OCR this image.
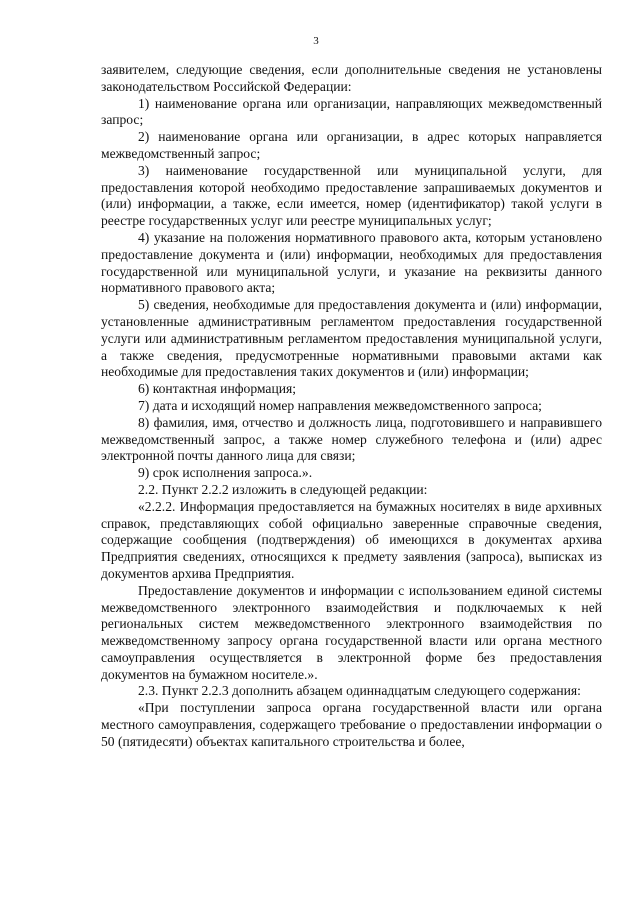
3

заявителем, следующие сведения, если дополнительные сведения не установлены законодательством Российской Федерации:

1) наименование органа или организации, направляющих межведомственный запрос;

2) наименование органа или организации, в адрес которых направляется межведомственный запрос;

3) наименование государственной или муниципальной услуги, для предоставления которой необходимо предоставление запрашиваемых документов и (или) информации, а также, если имеется, номер (идентификатор) такой услуги в реестре государственных услуг или реестре муниципальных услуг;

4) указание на положения нормативного правового акта, которым установлено предоставление документа и (или) информации, необходимых для предоставления государственной или муниципальной услуги, и указание на реквизиты данного нормативного правового акта;

5) сведения, необходимые для предоставления документа и (или) информации, установленные административным регламентом предоставления государственной услуги или административным регламентом предоставления муниципальной услуги, а также сведения, предусмотренные нормативными правовыми актами как необходимые для предоставления таких документов и (или) информации;

6) контактная информация;

7) дата и исходящий номер направления межведомственного запроса;

8) фамилия, имя, отчество и должность лица, подготовившего и направившего межведомственный запрос, а также номер служебного телефона и (или) адрес электронной почты данного лица для связи;

9) срок исполнения запроса.».

2.2. Пункт 2.2.2 изложить в следующей редакции:

«2.2.2. Информация предоставляется на бумажных носителях в виде архивных справок, представляющих собой официально заверенные справочные сведения, содержащие сообщения (подтверждения) об имеющихся в документах архива Предприятия сведениях, относящихся к предмету заявления (запроса), выписках из документов архива Предприятия.

Предоставление документов и информации с использованием единой системы межведомственного электронного взаимодействия и подключаемых к ней региональных систем межведомственного электронного взаимодействия по межведомственному запросу органа государственной власти или органа местного самоуправления осуществляется в электронной форме без предоставления документов на бумажном носителе.».

2.3. Пункт 2.2.3 дополнить абзацем одиннадцатым следующего содержания:

«При поступлении запроса органа государственной власти или органа местного самоуправления, содержащего требование о предоставлении информации о 50 (пятидесяти) объектах капитального строительства и более,
